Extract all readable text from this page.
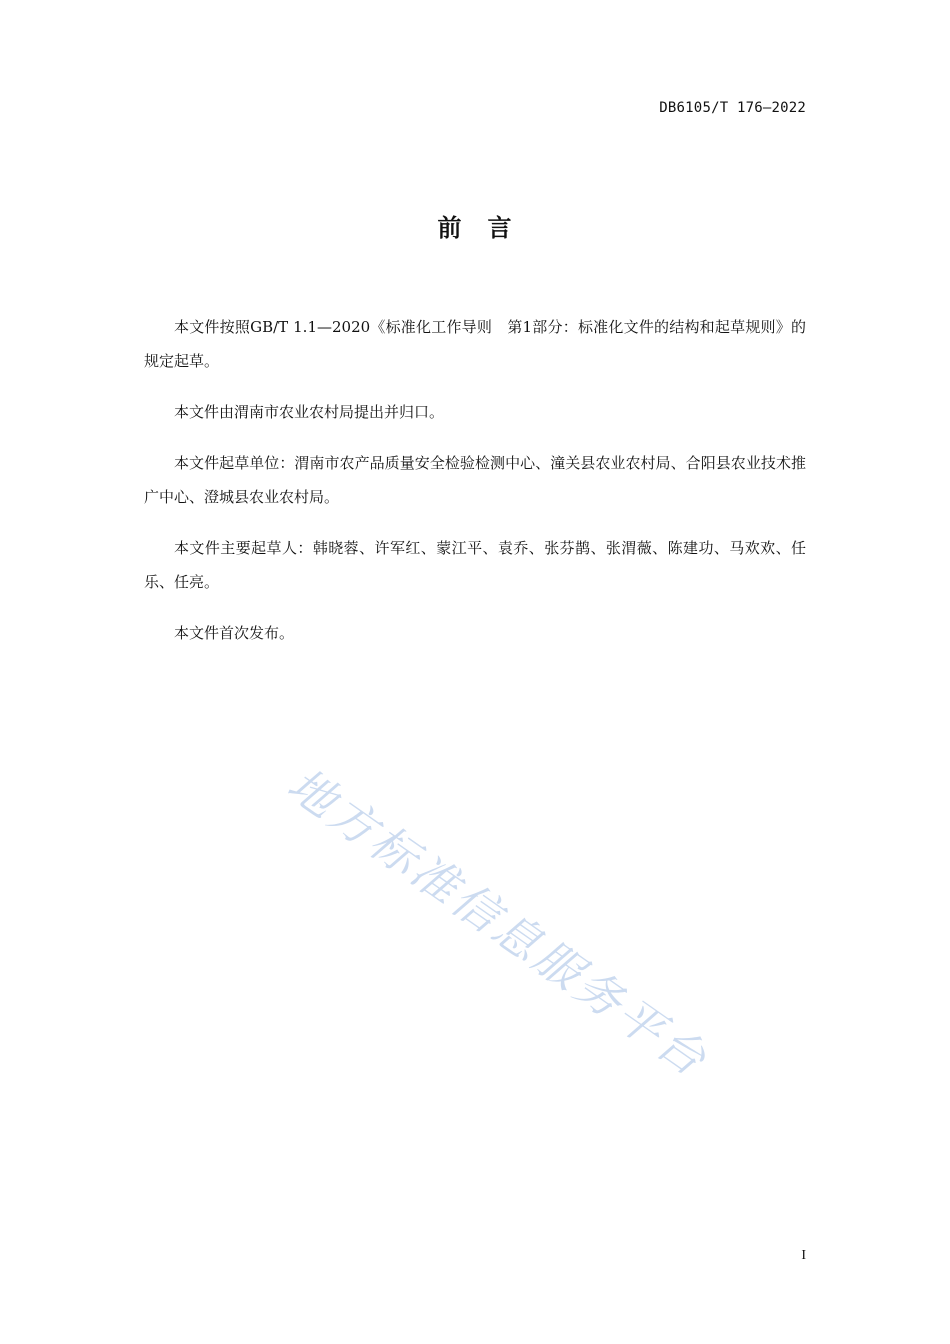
DB6105/T 176—2022
前　言

本文件按照GB/T 1.1—2020《标准化工作导则　第1部分：标准化文件的结构和起草规则》的规定起草。

本文件由渭南市农业农村局提出并归口。

本文件起草单位：渭南市农产品质量安全检验检测中心、潼关县农业农村局、合阳县农业技术推广中心、澄城县农业农村局。

本文件主要起草人：韩晓蓉、许军红、蒙江平、袁乔、张芬鹊、张渭薇、陈建功、马欢欢、任乐、任亮。

本文件首次发布。

地方标准信息服务平台
I
